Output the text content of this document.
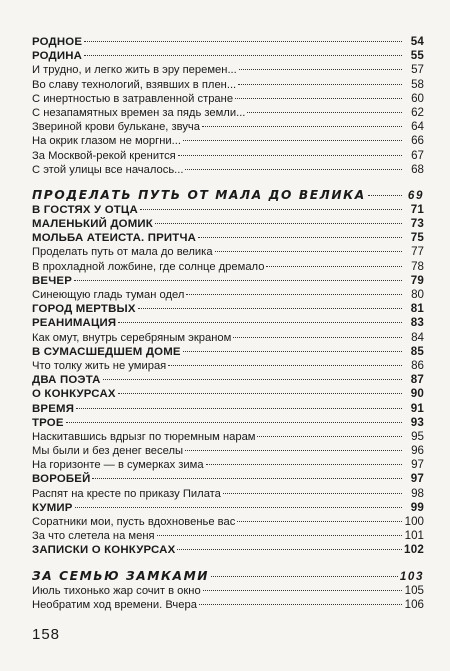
РОДНОЕ	54
РОДИНА	55
И трудно, и легко жить в эру перемен...	57
Во славу технологий, взявших в плен...	58
С инертностью в затравленной стране	60
С незапамятных времен за пядь земли...	62
Звериной крови булькане, звуча	64
На окрик глазом не моргни...	66
За Москвой-рекой кренится	67
С этой улицы все началось...	68
ПРОДЕЛАТЬ ПУТЬ ОТ МАЛА ДО ВЕЛИКА	69
В ГОСТЯХ У ОТЦА	71
МАЛЕНЬКИЙ ДОМИК	73
МОЛЬБА АТЕИСТА. ПРИТЧА	75
Проделать путь от мала до велика	77
В прохладной ложбине, где солнце дремало	78
ВЕЧЕР	79
Синеющую гладь туман одел	80
ГОРОД МЕРТВЫХ	81
РЕАНИМАЦИЯ	83
Как омут, внутрь серебряным экраном	84
В СУМАСШЕДШЕМ ДОМЕ	85
Что толку жить не умирая	86
ДВА ПОЭТА	87
О КОНКУРСАХ	90
ВРЕМЯ	91
ТРОЕ	93
Наскитавшись вдрызг по тюремным нарам	95
Мы были и без денег веселы	96
На горизонте — в сумерках зима	97
ВОРОБЕЙ	97
Распят на кресте по приказу Пилата	98
КУМИР	99
Соратники мои, пусть вдохновенье вас	100
За что слетела на меня	101
ЗАПИСКИ О КОНКУРСАХ	102
ЗА СЕМЬЮ ЗАМКАМИ	103
Июль тихонько жар сочит в окно	105
Необратим ход времени. Вчера	106
158
